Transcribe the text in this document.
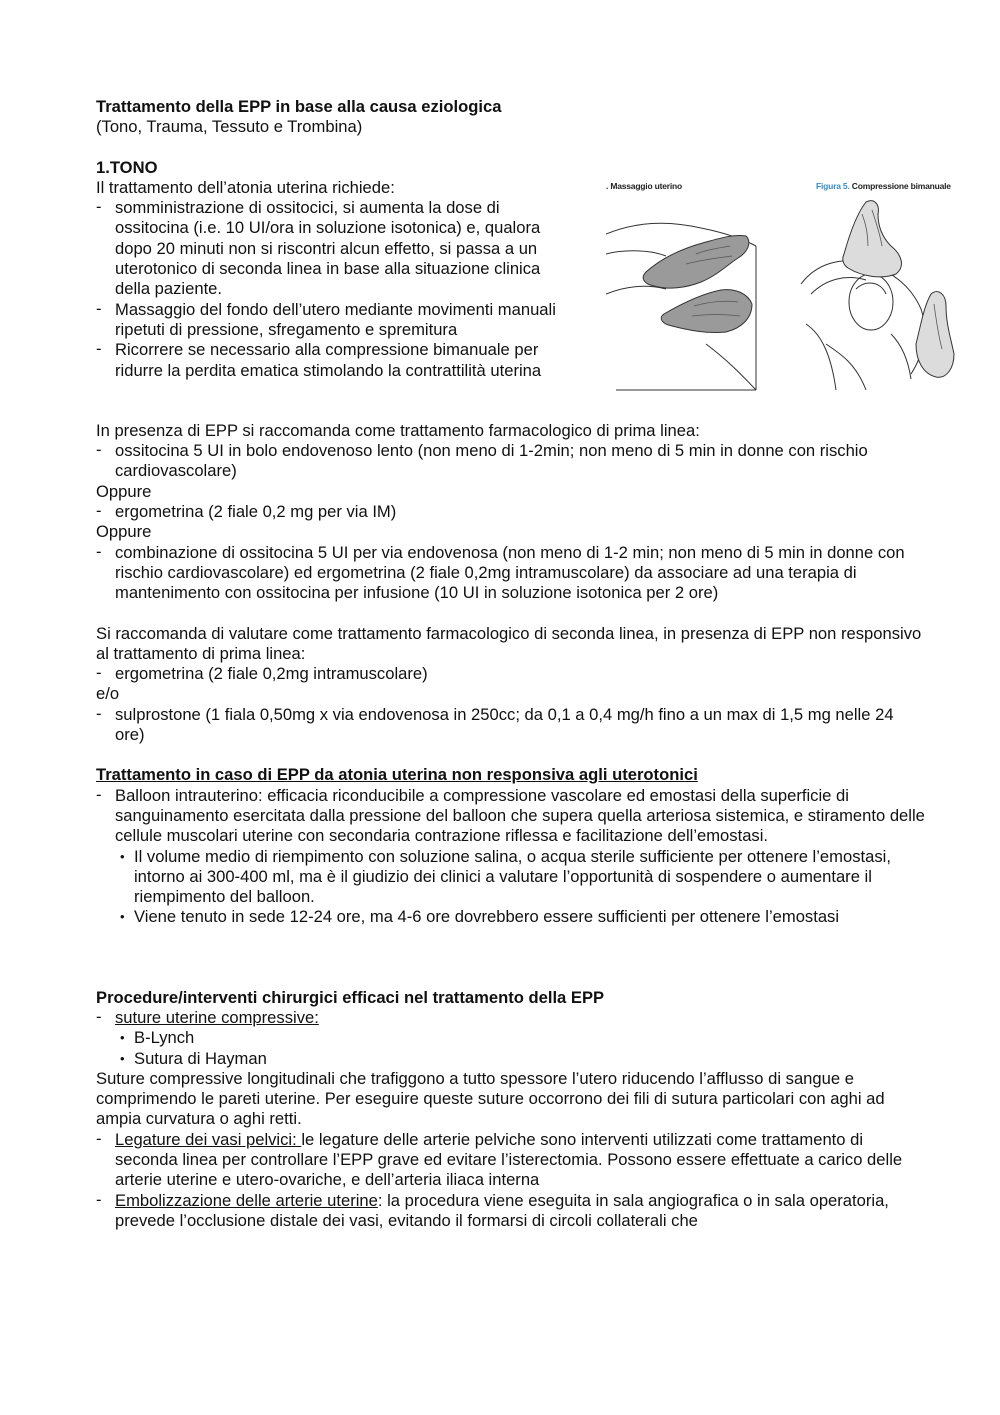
Trattamento della EPP in base alla causa eziologica

(Tono, Trauma, Tessuto e Trombina)

1.TONO

Il trattamento dell’atonia uterina richiede:

- somministrazione di ossitocici, si aumenta la dose di ossitocina (i.e. 10 UI/ora in soluzione isotonica) e, qualora dopo 20 minuti non si riscontri alcun effetto, si passa a un uterotonico di seconda linea in base alla situazione clinica della paziente.

- Massaggio del fondo dell’utero mediante movimenti manuali ripetuti di pressione, sfregamento e spremitura

- Ricorrere se necessario alla compressione bimanuale per ridurre la perdita ematica stimolando la contrattilità uterina

In presenza di EPP si raccomanda come trattamento farmacologico di prima linea:

- ossitocina 5 UI in bolo endovenoso lento (non meno di 1-2min; non meno di 5 min in donne con rischio cardiovascolare)

Oppure

- ergometrina (2 fiale 0,2 mg per via IM)

Oppure

- combinazione di ossitocina 5 UI per via endovenosa (non meno di 1-2 min; non meno di 5 min in donne con rischio cardiovascolare) ed ergometrina (2 fiale 0,2mg intramuscolare) da associare ad una terapia di mantenimento con ossitocina per infusione (10 UI in soluzione isotonica per 2 ore)

Si raccomanda di valutare come trattamento farmacologico di seconda linea, in presenza di EPP non responsivo al trattamento di prima linea:

- ergometrina (2 fiale 0,2mg intramuscolare)

e/o

- sulprostone (1 fiala 0,50mg x via endovenosa in 250cc; da 0,1 a 0,4 mg/h fino a un max di 1,5 mg nelle 24 ore)

Trattamento in caso di EPP da atonia uterina non responsiva agli uterotonici

- Balloon intrauterino: efficacia riconducibile a compressione vascolare ed emostasi della superficie di sanguinamento esercitata dalla pressione del balloon che supera quella arteriosa sistemica, e stiramento delle cellule muscolari uterine con secondaria contrazione riflessa e facilitazione dell’emostasi.

• Il volume medio di riempimento con soluzione salina, o acqua sterile sufficiente per ottenere l’emostasi, intorno ai 300-400 ml, ma è il giudizio dei clinici a valutare l’opportunità di sospendere o aumentare il riempimento del balloon.

• Viene tenuto in sede 12-24 ore, ma 4-6 ore dovrebbero essere sufficienti per ottenere l’emostasi

Procedure/interventi chirurgici efficaci nel trattamento della EPP

- suture uterine compressive:

• B-Lynch

• Sutura di Hayman

Suture compressive longitudinali che trafiggono a tutto spessore l’utero riducendo l’afflusso di sangue e comprimendo le pareti uterine. Per eseguire queste suture occorrono dei fili di sutura particolari con aghi ad ampia curvatura o aghi retti.

- Legature dei vasi pelvici: le legature delle arterie pelviche sono interventi utilizzati come trattamento di seconda linea per controllare l’EPP grave ed evitare l’isterectomia. Possono essere effettuate a carico delle arterie uterine e utero-ovariche, e dell’arteria iliaca interna

- Embolizzazione delle arterie uterine: la procedura viene eseguita in sala angiografica o in sala operatoria, prevede l’occlusione distale dei vasi, evitando il formarsi di circoli collaterali che

. Massaggio uterino	Figura 5. Compressione bimanuale
